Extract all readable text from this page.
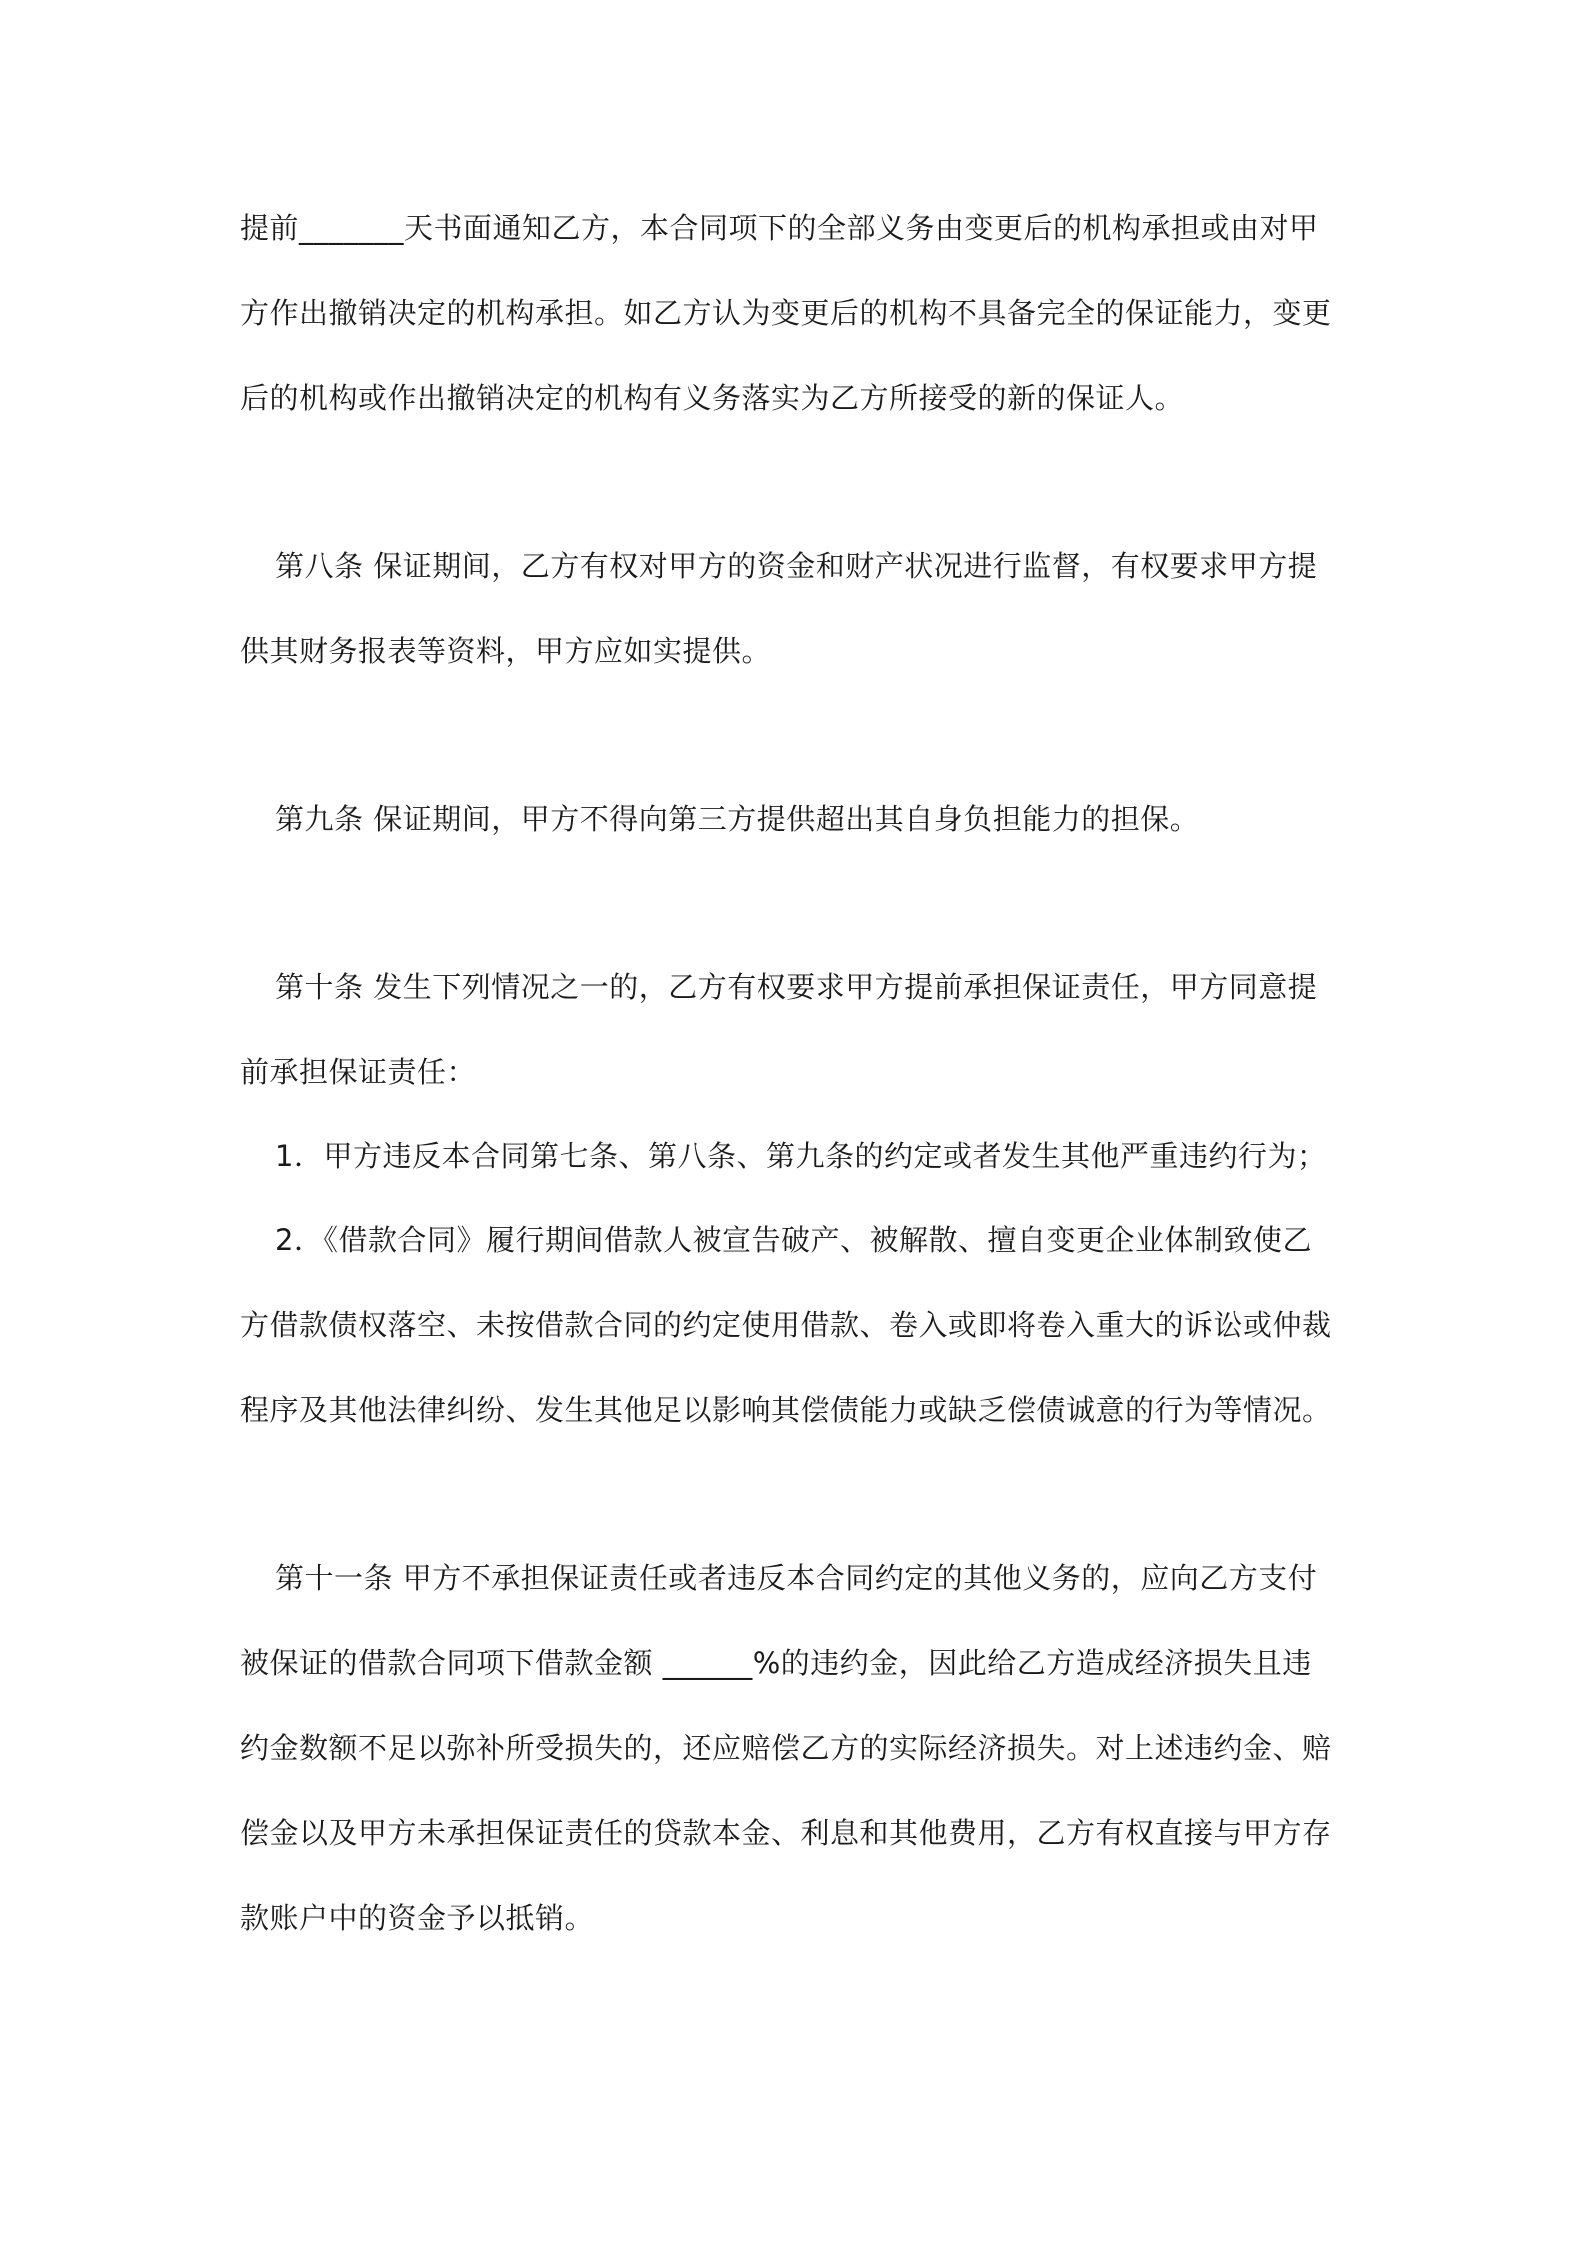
提前_______天书面通知乙方，本合同项下的全部义务由变更后的机构承担或由对甲
方作出撤销决定的机构承担。如乙方认为变更后的机构不具备完全的保证能力，变更
后的机构或作出撤销决定的机构有义务落实为乙方所接受的新的保证人。
第八条 保证期间，乙方有权对甲方的资金和财产状况进行监督，有权要求甲方提
供其财务报表等资料，甲方应如实提供。
第九条 保证期间，甲方不得向第三方提供超出其自身负担能力的担保。
第十条 发生下列情况之一的，乙方有权要求甲方提前承担保证责任，甲方同意提
前承担保证责任：
1．甲方违反本合同第七条、第八条、第九条的约定或者发生其他严重违约行为；
2．《借款合同》履行期间借款人被宣告破产、被解散、擅自变更企业体制致使乙
方借款债权落空、未按借款合同的约定使用借款、卷入或即将卷入重大的诉讼或仲裁
程序及其他法律纠纷、发生其他足以影响其偿债能力或缺乏偿债诚意的行为等情况。
第十一条 甲方不承担保证责任或者违反本合同约定的其他义务的，应向乙方支付
被保证的借款合同项下借款金额 ______%的违约金，因此给乙方造成经济损失且违
约金数额不足以弥补所受损失的，还应赔偿乙方的实际经济损失。对上述违约金、赔
偿金以及甲方未承担保证责任的贷款本金、利息和其他费用，乙方有权直接与甲方存
款账户中的资金予以抵销。
